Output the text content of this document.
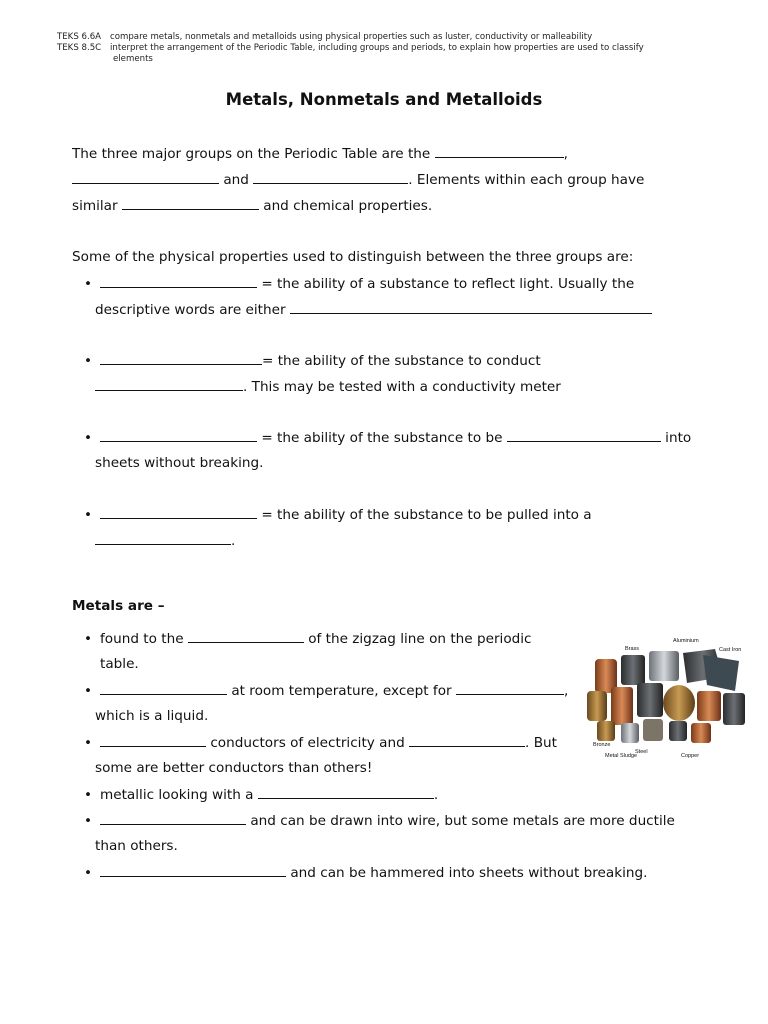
TEKS 6.6A compare metals, nonmetals and metalloids using physical properties such as luster, conductivity or malleability
TEKS 8.5C interpret the arrangement of the Periodic Table, including groups and periods, to explain how properties are used to classify
elements
Metals, Nonmetals and Metalloids
The three major groups on the Periodic Table are the	,
and	. Elements within each group have
similar	and chemical properties.
Some of the physical properties used to distinguish between the three groups are:
•	= the ability of a substance to reflect light. Usually the
descriptive words are either
•	= the ability of the substance to conduct
. This may be tested with a conductivity meter
•	= the ability of the substance to be	into
sheets without breaking.
•	= the ability of the substance to be pulled into a
.
Metals are –
• found to the	of the zigzag line on the periodic
table.
•	at room temperature, except for	,
which is a liquid.
•	conductors of electricity and	. But
some are better conductors than others!
• metallic looking with a	.
•	and can be drawn into wire, but some metals are more ductile
than others.
•	and can be hammered into sheets without breaking.
Brass
Aluminium
Cast Iron
Bronze
Steel
Metal Sludge	Copper
